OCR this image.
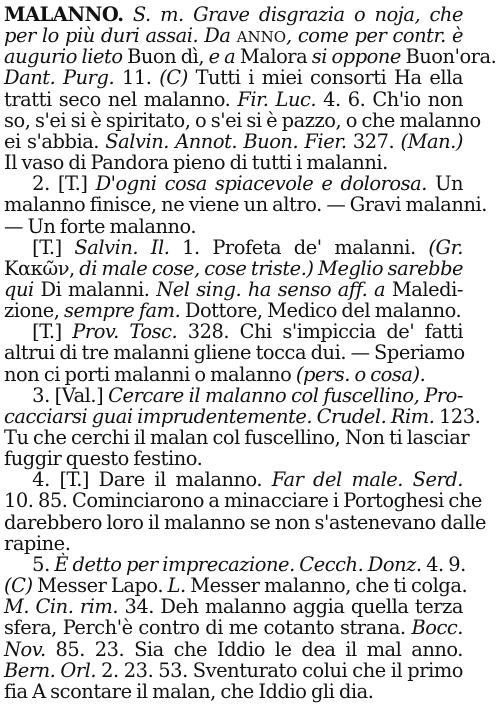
MALANNO. S. m. Grave disgrazia o noja, che
per lo più duri assai. Da ANNO, come per contr. è
augurio lieto Buon dì, e a Malora si oppone Buon'ora.
Dant. Purg. 11. (C) Tutti i miei consorti Ha ella
tratti seco nel malanno. Fir. Luc. 4. 6. Ch'io non
so, s'ei si è spiritato, o s'ei si è pazzo, o che malanno
ei s'abbia. Salvin. Annot. Buon. Fier. 327. (Man.)
Il vaso di Pandora pieno di tutti i malanni.
  2. [T.] D'ogni cosa spiacevole e dolorosa. Un
malanno finisce, ne viene un altro. — Gravi malanni.
— Un forte malanno.
  [T.] Salvin. Il. 1. Profeta de' malanni. (Gr.
Κακῶν, di male cose, cose triste.) Meglio sarebbe
qui Di malanni. Nel sing. ha senso aff. a Maledi-
zione, sempre fam. Dottore, Medico del malanno.
  [T.] Prov. Tosc. 328. Chi s'impiccia de' fatti
altrui di tre malanni gliene tocca dui. — Speriamo
non ci porti malanni o malanno (pers. o cosa).
  3. [Val.] Cercare il malanno col fuscellino, Pro-
cacciarsi guai imprudentemente. Crudel. Rim. 123.
Tu che cerchi il malan col fuscellino, Non ti lasciar
fuggir questo festino.
  4. [T.] Dare il malanno. Far del male. Serd.
10. 85. Cominciarono a minacciare i Portoghesi che
darebbero loro il malanno se non s'astenevano dalle
rapine.
  5. È detto per imprecazione. Cecch. Donz. 4. 9.
(C) Messer Lapo. L. Messer malanno, che ti colga.
M. Cin. rim. 34. Deh malanno aggia quella terza
sfera, Perch'è contro di me cotanto strana. Bocc.
Nov. 85. 23. Sia che Iddio le dea il mal anno.
Bern. Orl. 2. 23. 53. Sventurato colui che il primo
fia A scontare il malan, che Iddio gli dia.
